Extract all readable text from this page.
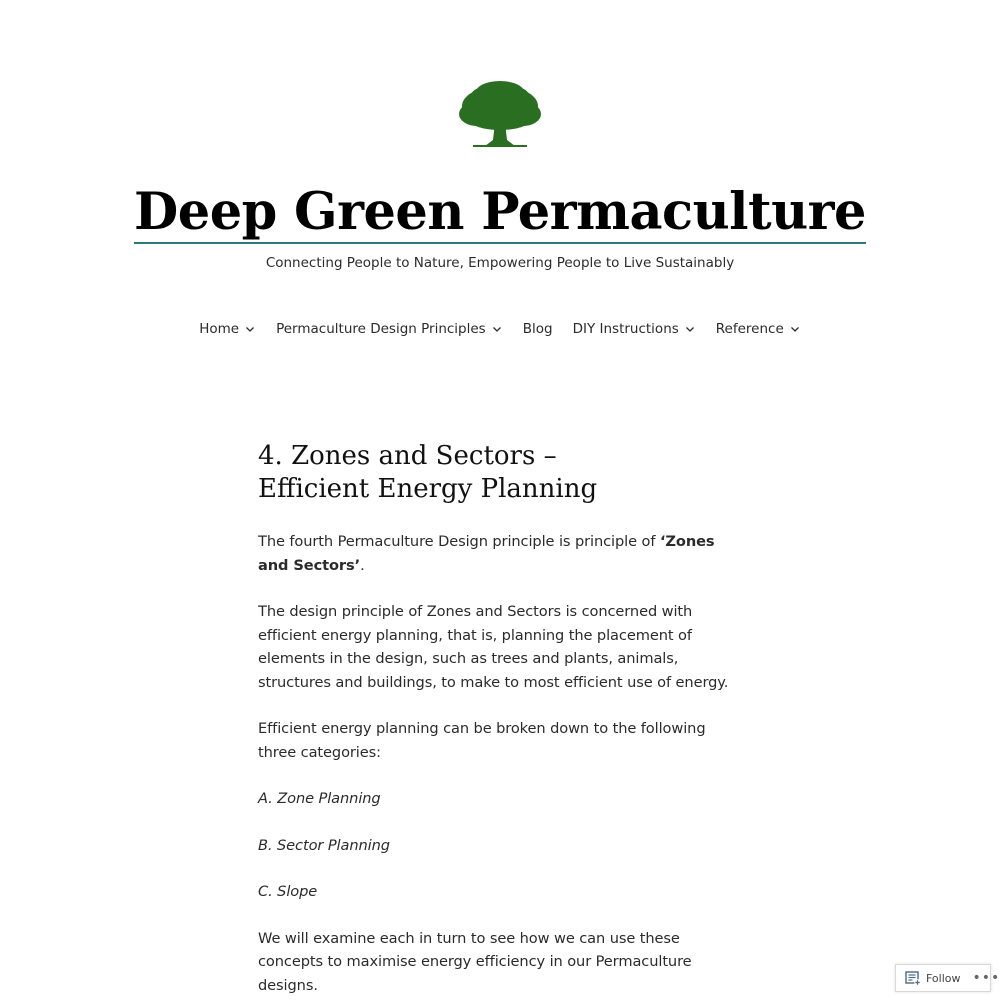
Deep Green Permaculture
Connecting People to Nature, Empowering People to Live Sustainably
Home	Permaculture Design Principles	Blog DIY Instructions	Reference
4. Zones and Sectors – Efficient Energy Planning

The fourth Permaculture Design principle is principle of ‘Zones and Sectors’.

The design principle of Zones and Sectors is concerned with efficient energy planning, that is, planning the placement of elements in the design, such as trees and plants, animals, structures and buildings, to make to most efficient use of energy.

Efficient energy planning can be broken down to the following three categories:

A. Zone Planning

B. Sector Planning

C. Slope

We will examine each in turn to see how we can use these concepts to maximise energy efficiency in our Permaculture designs.	Follow •••
